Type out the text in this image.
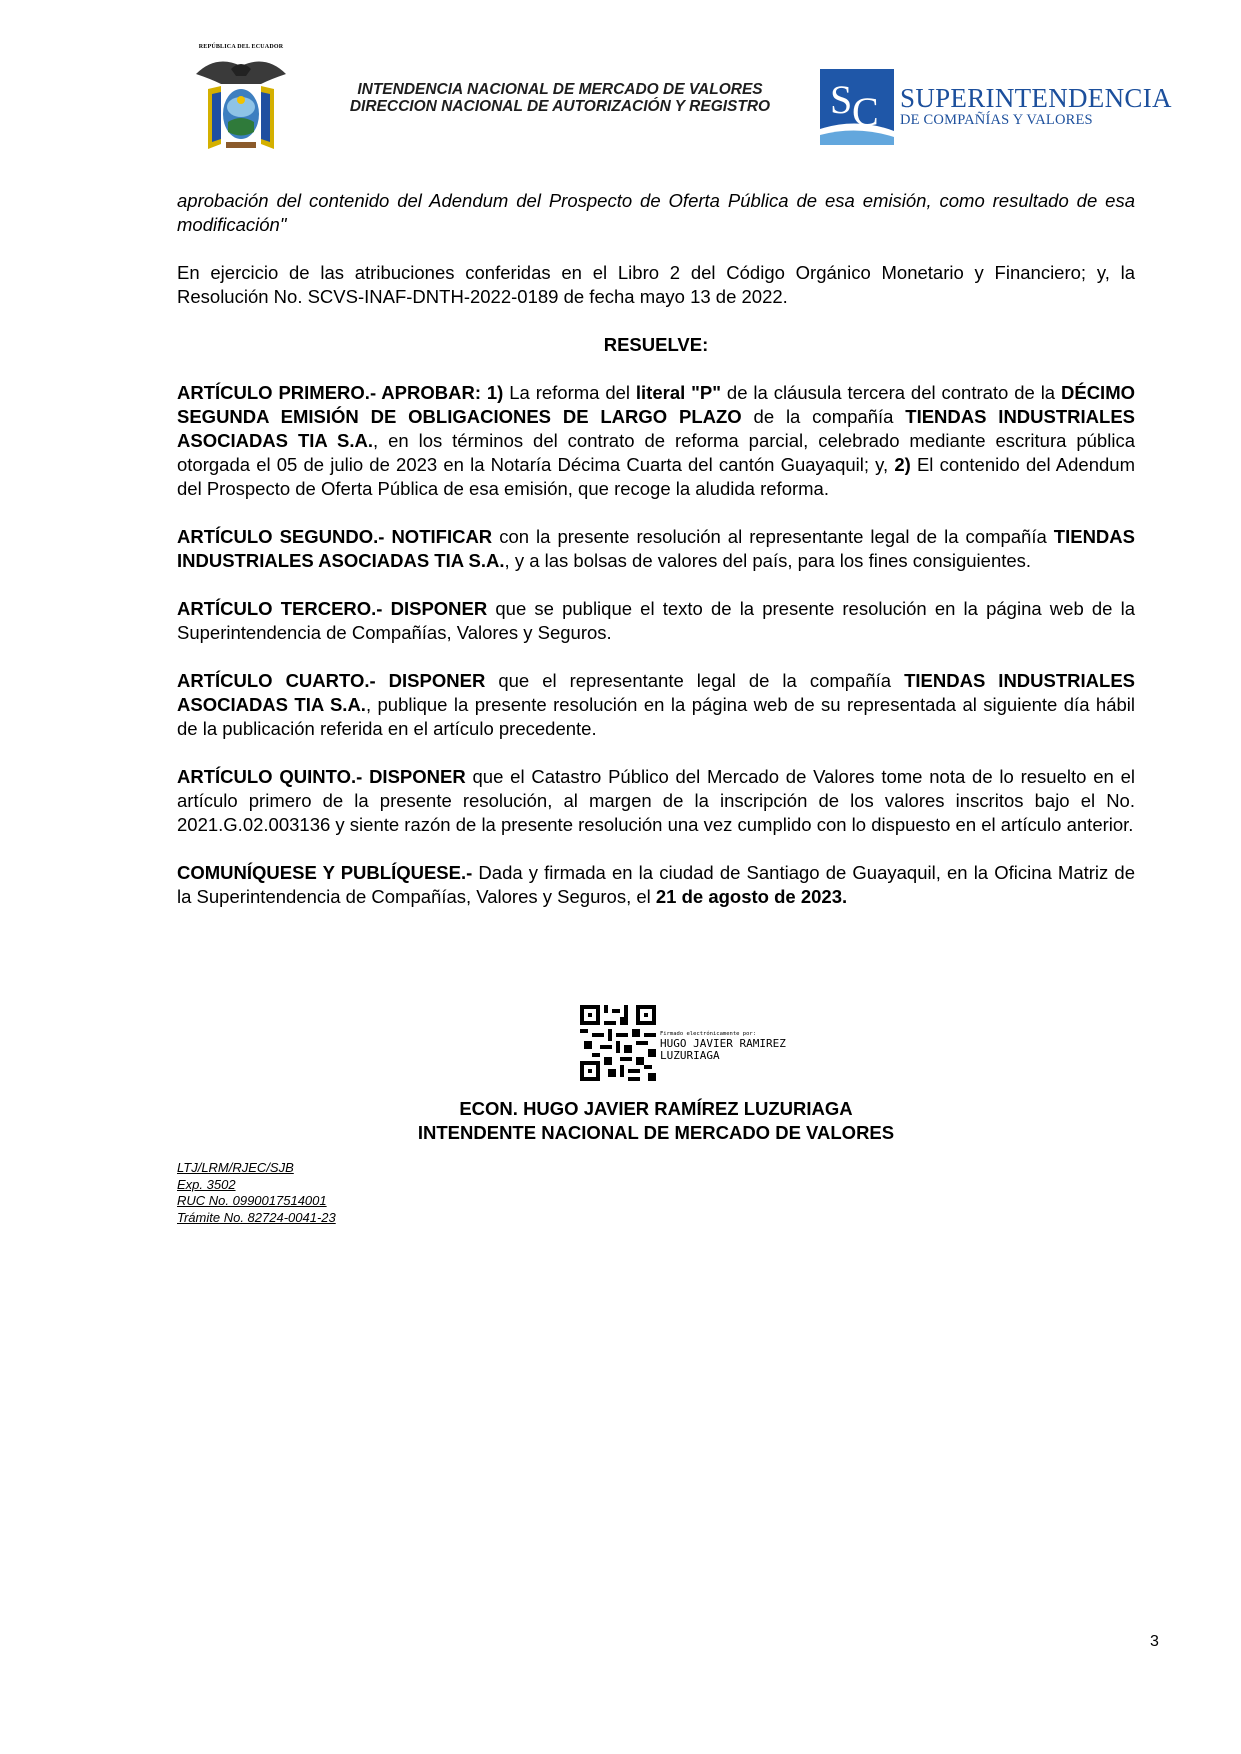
REPÚBLICA DEL ECUADOR
INTENDENCIA NACIONAL DE MERCADO DE VALORES
DIRECCION NACIONAL DE AUTORIZACIÓN Y REGISTRO	S C SUPERINTENDENCIA
DE COMPAÑÍAS Y VALORES

aprobación del contenido del Adendum del Prospecto de Oferta Pública de esa emisión, como resultado de esa modificación"

En ejercicio de las atribuciones conferidas en el Libro 2 del Código Orgánico Monetario y Financiero; y, la Resolución No. SCVS-INAF-DNTH-2022-0189 de fecha mayo 13 de 2022.

RESUELVE:

ARTÍCULO PRIMERO.- APROBAR: 1) La reforma del literal "P" de la cláusula tercera del contrato de la DÉCIMO SEGUNDA EMISIÓN DE OBLIGACIONES DE LARGO PLAZO de la compañía TIENDAS INDUSTRIALES ASOCIADAS TIA S.A., en los términos del contrato de reforma parcial, celebrado mediante escritura pública otorgada el 05 de julio de 2023 en la Notaría Décima Cuarta del cantón Guayaquil; y, 2) El contenido del Adendum del Prospecto de Oferta Pública de esa emisión, que recoge la aludida reforma.

ARTÍCULO SEGUNDO.- NOTIFICAR con la presente resolución al representante legal de la compañía TIENDAS INDUSTRIALES ASOCIADAS TIA S.A., y a las bolsas de valores del país, para los fines consiguientes.

ARTÍCULO TERCERO.- DISPONER que se publique el texto de la presente resolución en la página web de la Superintendencia de Compañías, Valores y Seguros.

ARTÍCULO CUARTO.- DISPONER que el representante legal de la compañía TIENDAS INDUSTRIALES ASOCIADAS TIA S.A., publique la presente resolución en la página web de su representada al siguiente día hábil de la publicación referida en el artículo precedente.

ARTÍCULO QUINTO.- DISPONER que el Catastro Público del Mercado de Valores tome nota de lo resuelto en el artículo primero de la presente resolución, al margen de la inscripción de los valores inscritos bajo el No. 2021.G.02.003136 y siente razón de la presente resolución una vez cumplido con lo dispuesto en el artículo anterior.

COMUNÍQUESE Y PUBLÍQUESE.- Dada y firmada en la ciudad de Santiago de Guayaquil, en la Oficina Matriz de la Superintendencia de Compañías, Valores y Seguros, el 21 de agosto de 2023.

Firmado electrónicamente por:
HUGO JAVIER RAMIREZ
LUZURIAGA
ECON. HUGO JAVIER RAMÍREZ LUZURIAGA
INTENDENTE NACIONAL DE MERCADO DE VALORES
LTJ/LRM/RJEC/SJB
Exp. 3502
RUC No. 0990017514001
Trámite No. 82724-0041-23
3
